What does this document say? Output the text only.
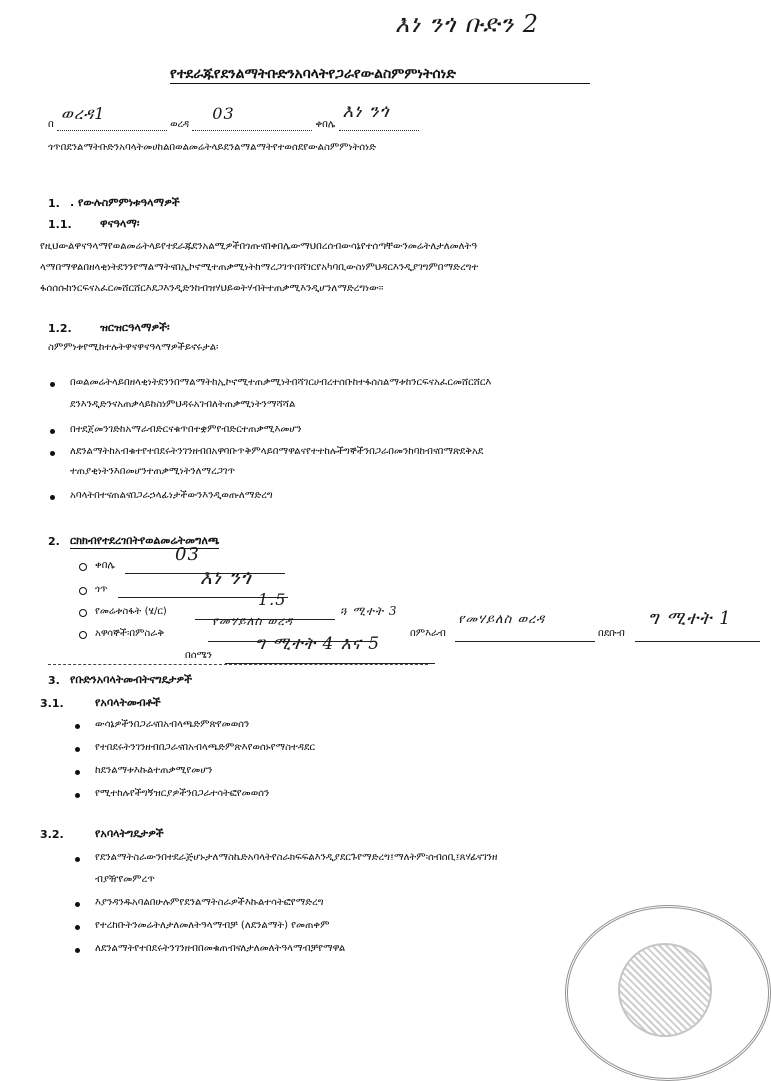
እነ ንጎ ቡድን 2
የተደራጁየደንልማትቡድንአባላትየጋራየውልስምምነትሰነድ
በ
ወረዳ1
ወረዳ
03
ቀበሌ
እነ ንጎ
ጎጥበደንልማትቡድንአባላትመሀከልበወልመሬትላይደንልማልማትየተወሰደየውልስምምነትሰነድ
1. . የውሉስምምነቱዓላማዎች
1.1.	ዋናዓላማ፡
የዚህውልዋናዓላማየወልመሬትላይየተደራጁደንአልሚዎችበጎጡናበቀበሌውማህበረሰብውሳኔየተሰጣቸውንመሬትለታለመለትዓ
ላማበማዋልበዘላቂነትደንንየማልማትናበኢኮኖሚተጠቃሚነትከማረጋገጥበሻገርየአካባቢውስነምህዳርእንዲያገግምበማድረግተ
ፋሰሰሱከንርፍናአፈርመሸርሸርእደጋእንዲድንከብዝሃህይወትሃብትተጠቃሚእንዲሆንለማድረግነው፡፡
1.2.	ዝርዝርዓላማዎች፡
ስምምነቱየሚከተሉትዋናዋናዓላማዎችይኖሩታል፡
በወልመሬትላይበዘላቂነትደንንበማልማትከኢኮኖሚተጠቃሚነትበሻገርሀብረተሰቡከተፋሰስልማቱከንርፍናአፈርመሸርሸርእ
ደንእንዲድንናአጠቃላይከስነምህዳሩአገብለትጠቃሚነትንማሻሻል
በተደጀመንገድከአማራብድርናቁጥበተቋምየብድርተጠቃሚእመሆን
ለደንልማትከአብቁተየተበደሩትንገንዘብበአዋባቡጥቅምላይበማዋልናየተተከሉችግኞችንበጋራበመንከባከብናበማጽደቅአደ
ተጠያቂነትንእበመሆንተጠቃሚነትንለማረጋገጥ
አባላትበተናጠልናበጋራኃላፊነታችውንእንዲወጡለማድረግ
2. ርክክብየተደረገበትየወልመሬትመግለጫ
ቀበሌ
03
ጎጥ
እነ ንጎ
የመሬቱስፋት (ሄ/ር)
1.5
አዋሳኞች፡በምስራቅ
የመሃይለስ ወረዳ
ጓ ሚተት 3
በምእራብ
የመሃይለስ ወረዳ
በደቡብ
ግ ሚተት 1
በሰሜን
ግ ሚተት 4 እና 5
3. የቡድንአባላትመብትናግዴታዎች
3.1.	የአባላትመብቶች
ውሳኔዎችንበጋራናበአብላጫድምጽየመወሰን
የተበደሩትንገንዘብበጋራናበአብላጫድምጽእየወሰኑየማስተዳደር
ከደንልማቱእኩልተጠቃሚየመሆን
የሚተከሉየችግኝዝርያዎችንበጋራተሳትፎየመወሰን
3.2.	የአባላትግዴታዎች
የደንልማትስራውንበተደራጅሆኑታለማስኬድአባላትየስራክፍፍልእንዲያደርጉየማድረግ፤ማለትም፡ሰብሰቢ፤ጸሃፊናገንዘ
ብያዥየመምረጥ
እያንዳንዱአባልበሁሉምየደንልማትስራዎችእኩልተሳትፎየማድረግ
የተረከቡትንመሬትለታለመለትዓላማብቻ (ለደንልማት) የመጠቀም
ለደንልማትየተበደሩትንገንዘብበመቁጠብናለታለመለትዓላማብቻየማዋል
